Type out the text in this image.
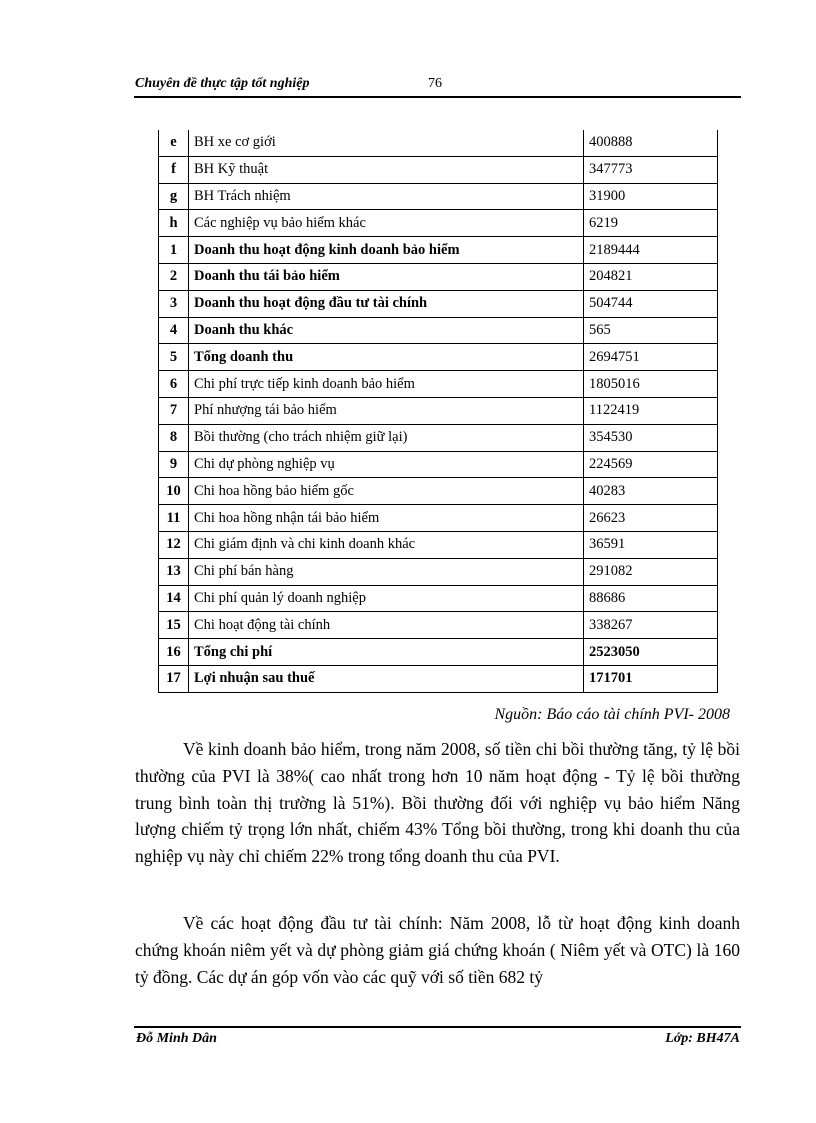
Chuyên đề thực tập tốt nghiệp	76
e	BH xe cơ giới	400888
f	BH Kỹ thuật	347773
g	BH Trách nhiệm	31900
h	Các nghiệp vụ bảo hiểm khác	6219
1	Doanh thu hoạt động kinh doanh bảo hiểm	2189444
2	Doanh thu tái bảo hiểm	204821
3	Doanh thu hoạt động đầu tư tài chính	504744
4	Doanh thu khác	565
5	Tổng doanh thu	2694751
6	Chi phí trực tiếp kinh doanh bảo hiểm	1805016
7	Phí nhượng tái bảo hiểm	1122419
8	Bồi thường (cho trách nhiệm giữ lại)	354530
9	Chi dự phòng nghiệp vụ	224569
10	Chi hoa hồng bảo hiểm gốc	40283
11	Chi hoa hồng nhận tái bảo hiểm	26623
12	Chi giám định và chi kinh doanh khác	36591
13	Chi phí bán hàng	291082
14	Chi phí quản lý doanh nghiệp	88686
15	Chi hoạt động tài chính	338267
16	Tổng chi phí	2523050
17	Lợi nhuận sau thuế	171701
Nguồn: Báo cáo tài chính PVI- 2008

Về kinh doanh bảo hiểm, trong năm 2008, số tiền chi bồi thường tăng, tỷ lệ bồi thường của PVI là 38%( cao nhất trong hơn 10 năm hoạt động - Tỷ lệ bồi thường trung bình toàn thị trường là 51%). Bồi thường đối với nghiệp vụ bảo hiểm Năng lượng chiếm tỷ trọng lớn nhất, chiếm 43% Tổng bồi thường, trong khi doanh thu của nghiệp vụ này chỉ chiếm 22% trong tổng doanh thu của PVI.

Về các hoạt động đầu tư tài chính: Năm 2008, lỗ từ hoạt động kinh doanh chứng khoán niêm yết và dự phòng giảm giá chứng khoán ( Niêm yết và OTC) là 160 tỷ đồng. Các dự án góp vốn vào các quỹ với số tiền 682 tỷ

Đỗ Minh Dân	Lớp: BH47A
